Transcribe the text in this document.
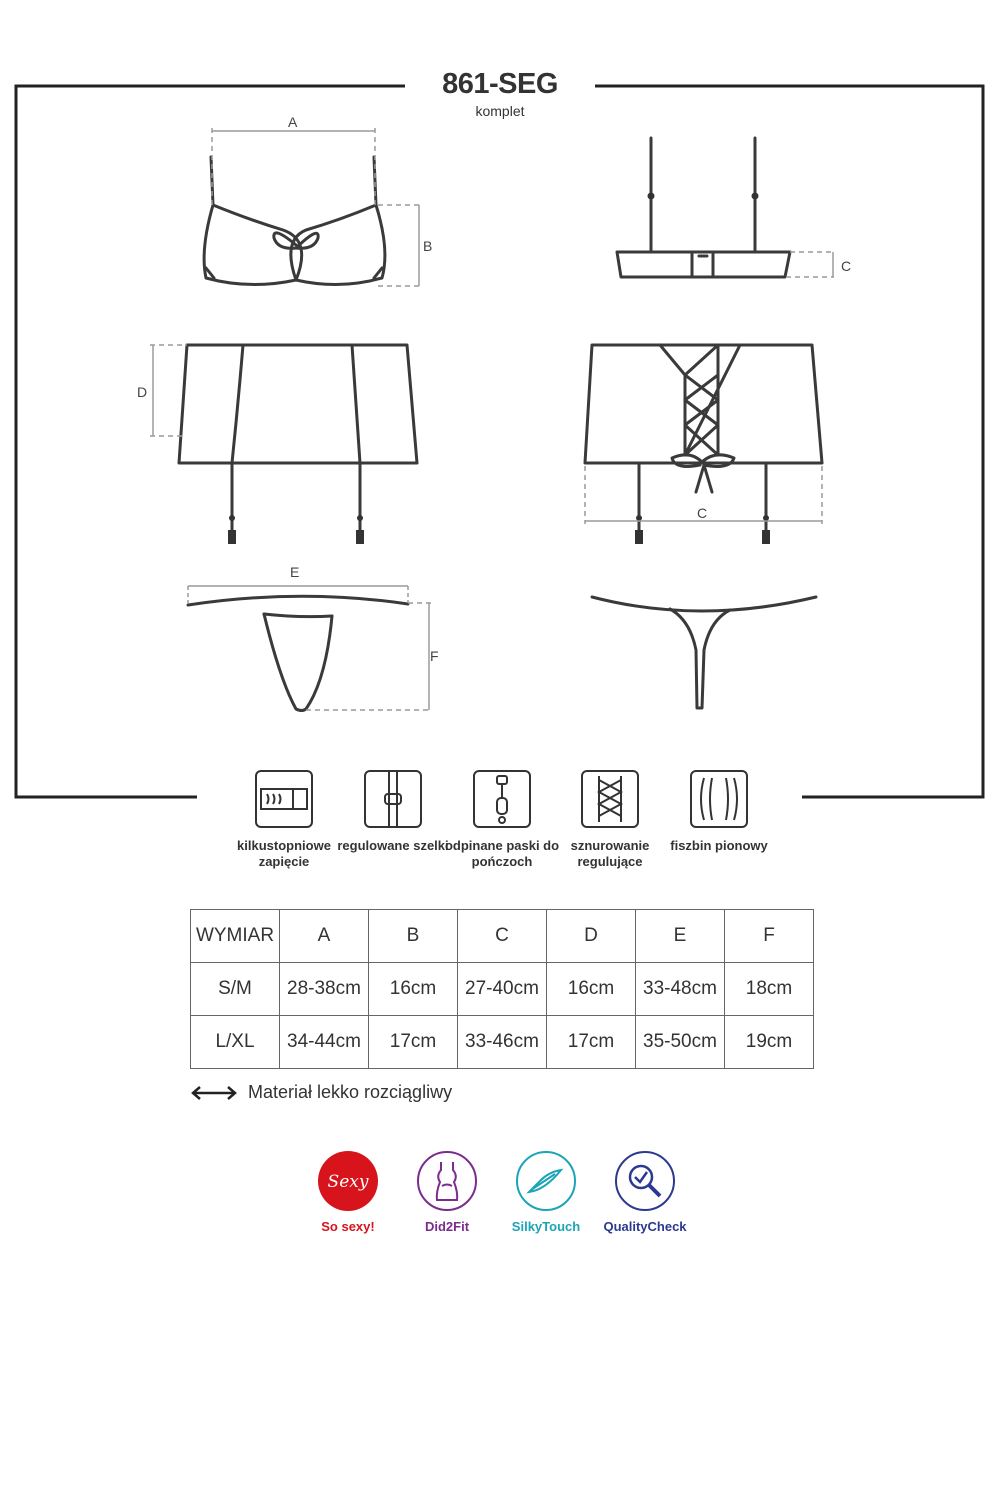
861-SEG
komplet
A
B
C
D
C
E
F
kilkustopniowe zapięcie
regulowane szelki
odpinane paski do pończoch
sznurowanie regulujące
fiszbin pionowy
WYMIAR	A	B	C	D	E	F
S/M	28-38cm	16cm	27-40cm	16cm	33-48cm	18cm
L/XL	34-44cm	17cm	33-46cm	17cm	35-50cm	19cm
Materiał lekko rozciągliwy
Sexy
So sexy!	Did2Fit	SilkyTouch	QualityCheck
